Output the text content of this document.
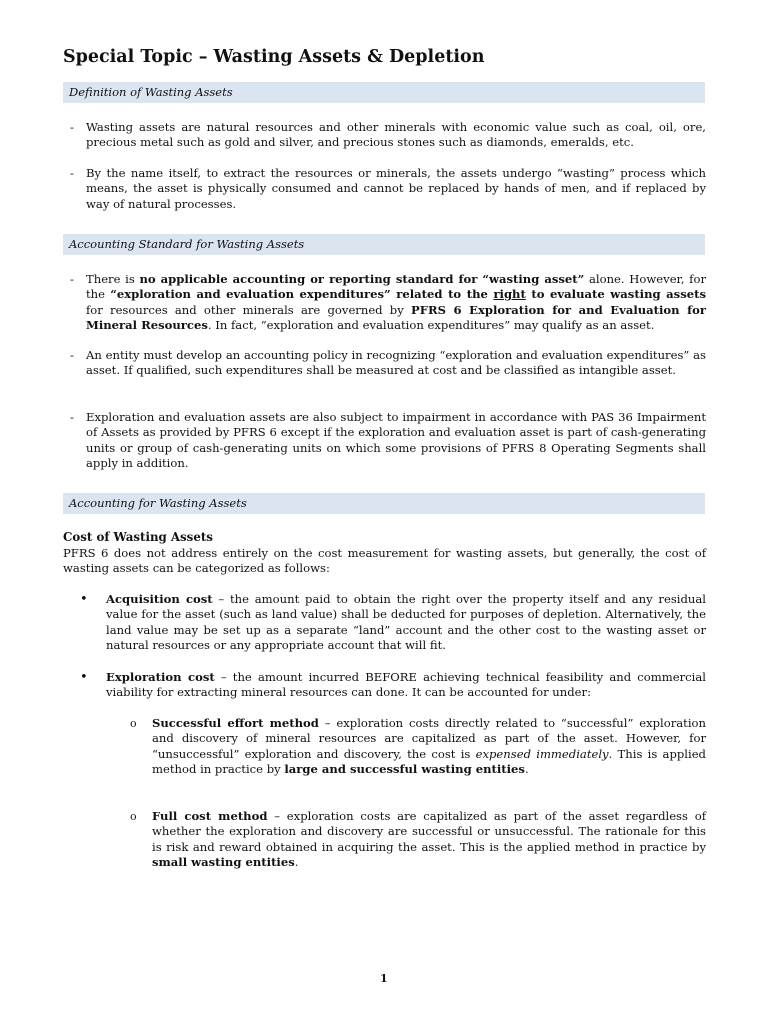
Special Topic – Wasting Assets & Depletion
Definition of Wasting Assets

- Wasting assets are natural resources and other minerals with economic value such as coal, oil, ore, precious metal such as gold and silver, and precious stones such as diamonds, emeralds, etc.

- By the name itself, to extract the resources or minerals, the assets undergo “wasting” process which means, the asset is physically consumed and cannot be replaced by hands of men, and if replaced by way of natural processes.

Accounting Standard for Wasting Assets

- There is no applicable accounting or reporting standard for “wasting asset” alone. However, for the “exploration and evaluation expenditures” related to the right to evaluate wasting assets for resources and other minerals are governed by PFRS 6 Exploration for and Evaluation for Mineral Resources. In fact, “exploration and evaluation expenditures” may qualify as an asset.

- An entity must develop an accounting policy in recognizing “exploration and evaluation expenditures” as asset. If qualified, such expenditures shall be measured at cost and be classified as intangible asset.

- Exploration and evaluation assets are also subject to impairment in accordance with PAS 36 Impairment of Assets as provided by PFRS 6 except if the exploration and evaluation asset is part of cash-generating units or group of cash-generating units on which some provisions of PFRS 8 Operating Segments shall apply in addition.

Accounting for Wasting Assets

Cost of Wasting Assets

PFRS 6 does not address entirely on the cost measurement for wasting assets, but generally, the cost of wasting assets can be categorized as follows:

• Acquisition cost – the amount paid to obtain the right over the property itself and any residual value for the asset (such as land value) shall be deducted for purposes of depletion. Alternatively, the land value may be set up as a separate “land” account and the other cost to the wasting asset or natural resources or any appropriate account that will fit.

• Exploration cost – the amount incurred BEFORE achieving technical feasibility and commercial viability for extracting mineral resources can done. It can be accounted for under:

o Successful effort method – exploration costs directly related to “successful” exploration and discovery of mineral resources are capitalized as part of the asset. However, for “unsuccessful” exploration and discovery, the cost is expensed immediately. This is applied method in practice by large and successful wasting entities.

o Full cost method – exploration costs are capitalized as part of the asset regardless of whether the exploration and discovery are successful or unsuccessful. The rationale for this is risk and reward obtained in acquiring the asset. This is the applied method in practice by small wasting entities.

1
